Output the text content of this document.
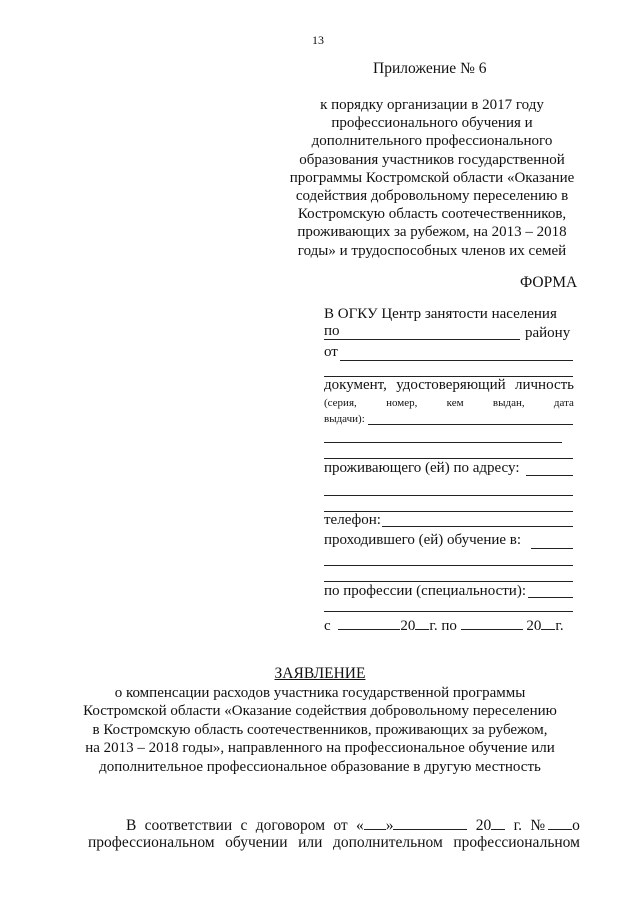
13
Приложение № 6
к порядку организации в 2017 году
профессионального обучения и
дополнительного профессионального
образования участников государственной
программы Костромской области «Оказание
содействия добровольному переселению в
Костромскую область соотечественников,
проживающих за рубежом, на 2013 – 2018
годы» и трудоспособных членов их семей
ФОРМА
В ОГКУ Центр занятости населения по	району
от
документ, удостоверяющий личность
(серия,	номер,	кем	выдан,	дата
выдачи):
проживающего (ей) по адресу:
телефон:
проходившего (ей) обучение в:
по профессии (специальности):
с	20 г. по	20 г.
ЗАЯВЛЕНИЕ
о компенсации расходов участника государственной программы
Костромской области «Оказание содействия добровольному переселению
в Костромскую область соотечественников, проживающих за рубежом,
на 2013 – 2018 годы», направленного на профессиональное обучение или
дополнительное профессиональное образование в другую местность
В соответствии с договором от « »	20	г. № о
профессиональном обучении или дополнительном профессиональном
